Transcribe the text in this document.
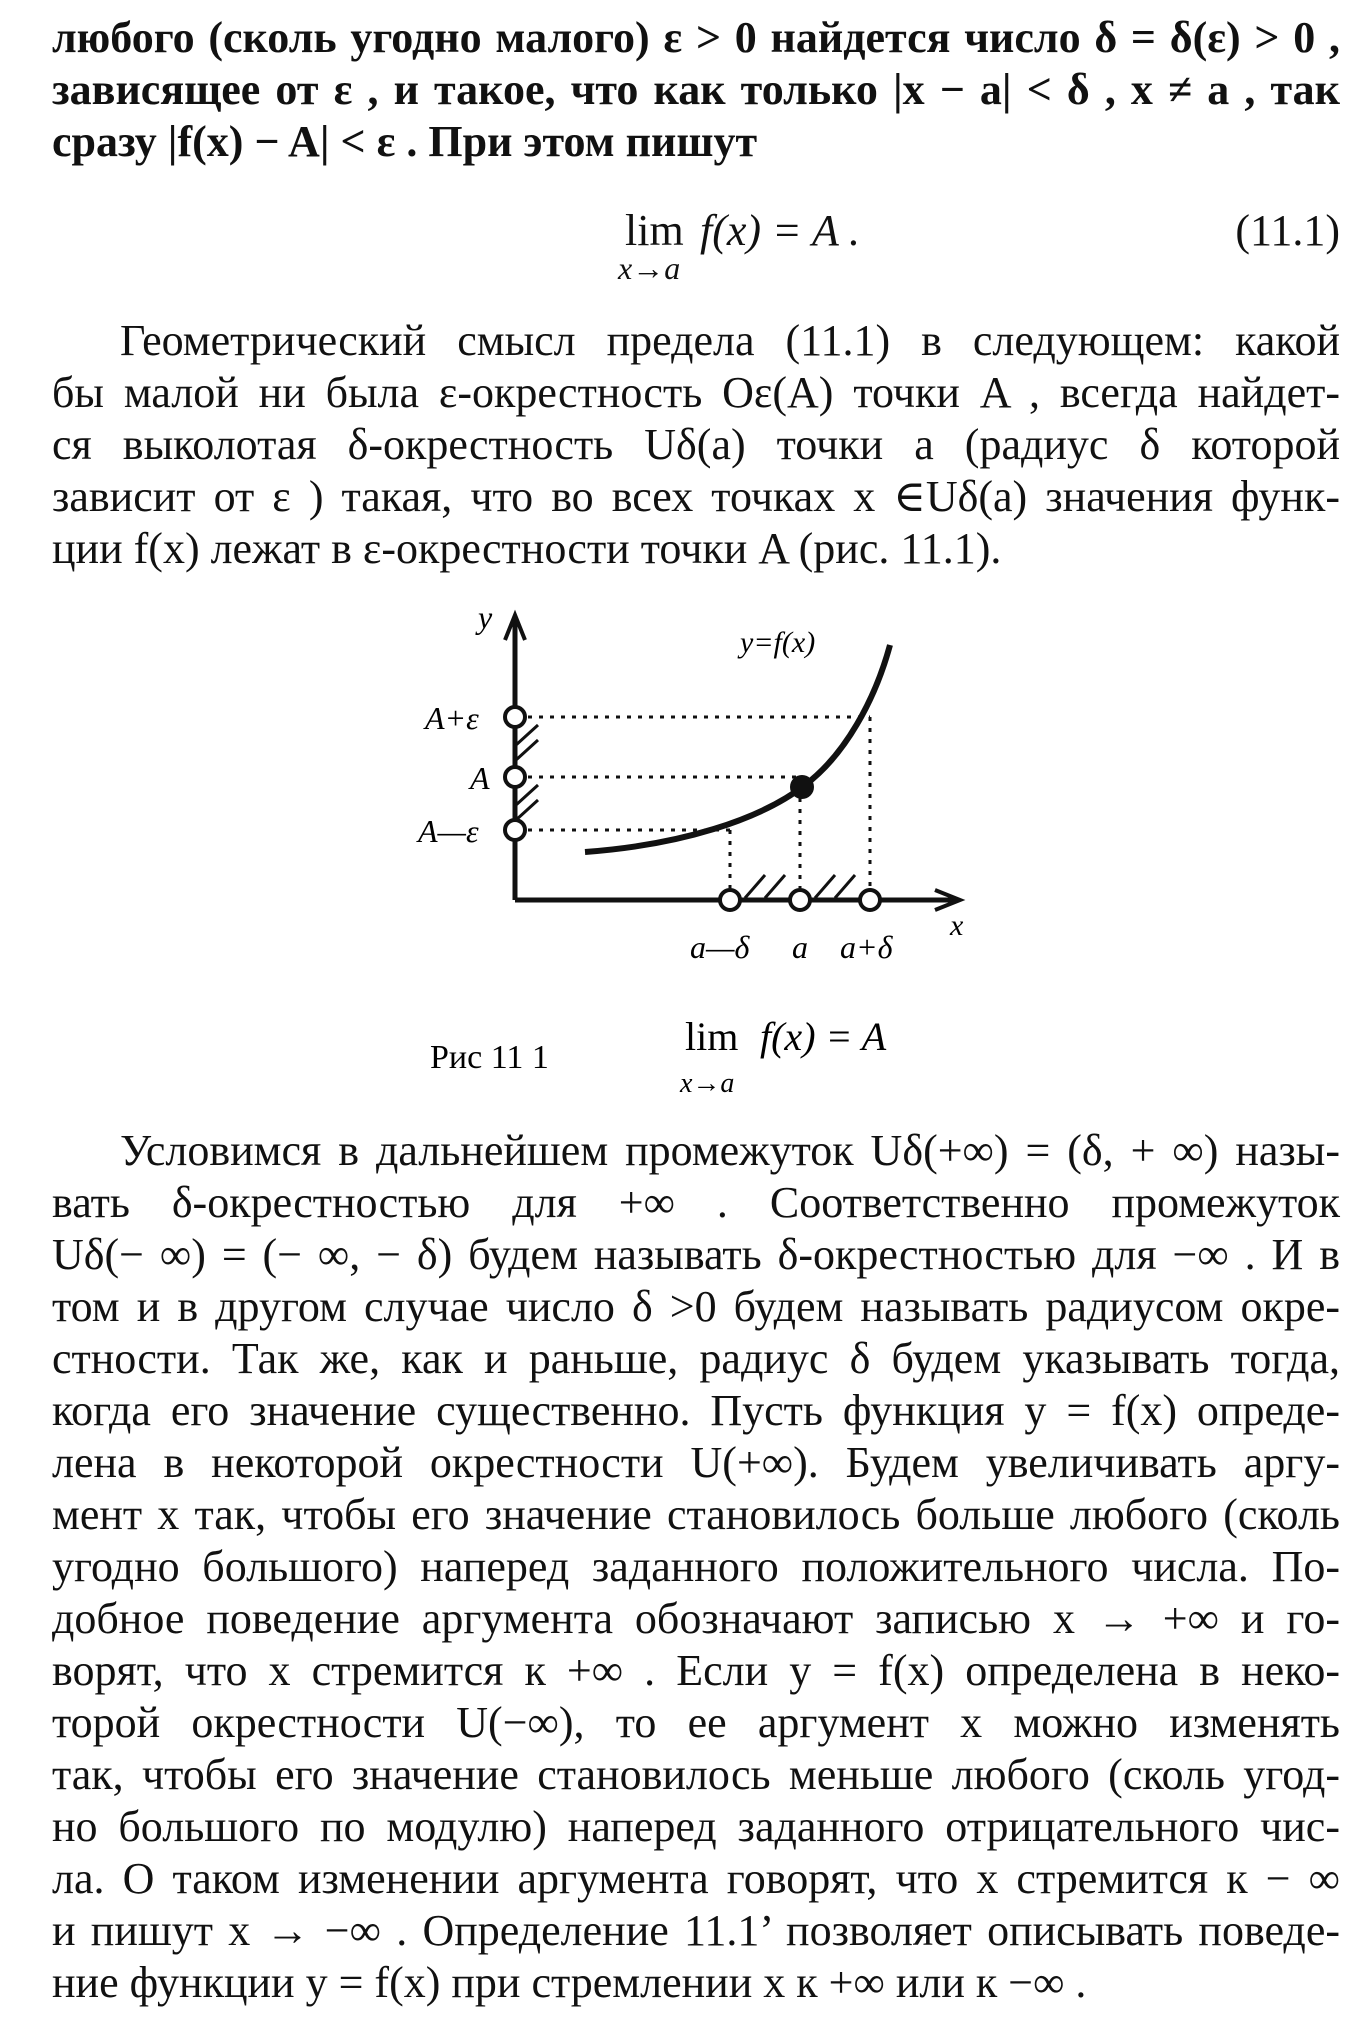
любого (сколь угодно малого) ε > 0 найдется число δ = δ(ε) > 0 ,
зависящее от ε , и такое, что как только |x − a| < δ , x ≠ a , так
сразу |f(x) − A| < ε . При этом пишут
lim f(x) = A .
x→a
(11.1)
Геометрический смысл предела (11.1) в следующем: какой
бы малой ни была ε-окрестность Oε(A) точки A , всегда найдет-
ся выколотая δ-окрестность Uδ(a) точки a (радиус δ которой
зависит от ε ) такая, что во всех точках x ∈Uδ(a) значения функ-
ции f(x) лежат в ε-окрестности точки A (рис. 11.1).
y
x
y=f(x)
A+ε
A
A—ε
a—δ a a+δ
Рис 11 1	lim f(x) = A
x→a
Условимся в дальнейшем промежуток Uδ(+∞) = (δ, + ∞) назы-
вать δ-окрестностью для +∞ . Соответственно промежуток
Uδ(− ∞) = (− ∞, − δ) будем называть δ-окрестностью для −∞ . И в
том и в другом случае число δ >0 будем называть радиусом окре-
стности. Так же, как и раньше, радиус δ будем указывать тогда,
когда его значение существенно. Пусть функция y = f(x) опреде-
лена в некоторой окрестности U(+∞). Будем увеличивать аргу-
мент x так, чтобы его значение становилось больше любого (сколь
угодно большого) наперед заданного положительного числа. По-
добное поведение аргумента обозначают записью x → +∞ и го-
ворят, что x стремится к +∞ . Если y = f(x) определена в неко-
торой окрестности U(−∞), то ее аргумент x можно изменять
так, чтобы его значение становилось меньше любого (сколь угод-
но большого по модулю) наперед заданного отрицательного чис-
ла. О таком изменении аргумента говорят, что x стремится к − ∞
и пишут x → −∞ . Определение 11.1’ позволяет описывать поведе-
ние функции y = f(x) при стремлении x к +∞ или к −∞ .
